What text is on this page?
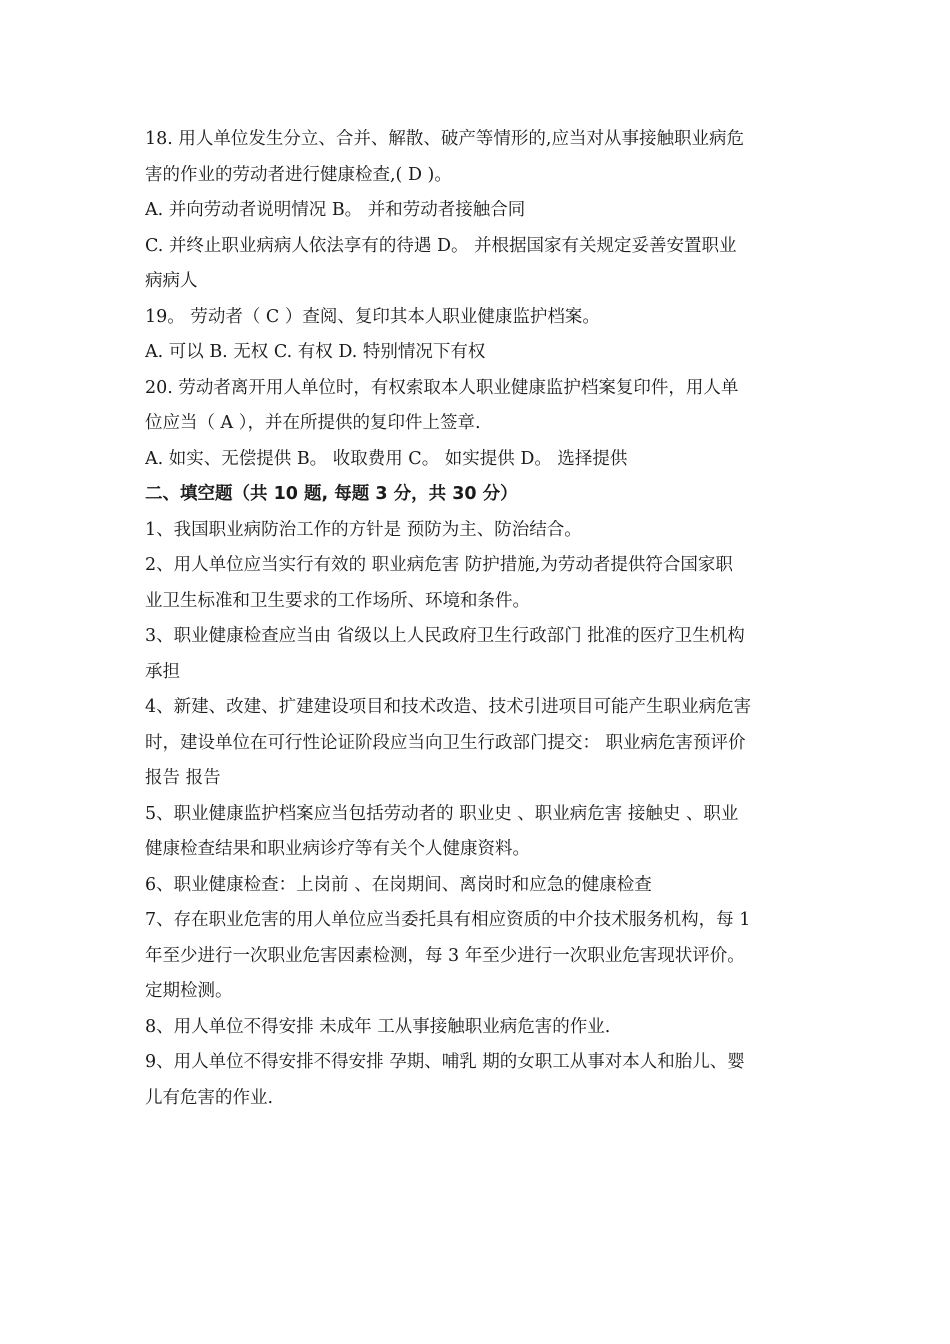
18. 用人单位发生分立、合并、解散、破产等情形的,应当对从事接触职业病危
害的作业的劳动者进行健康检查,( D )。
A. 并向劳动者说明情况 B。 并和劳动者接触合同
C. 并终止职业病病人依法享有的待遇 D。 并根据国家有关规定妥善安置职业
病病人
19。 劳动者（ C ）查阅、复印其本人职业健康监护档案。
A. 可以 B. 无权 C. 有权 D. 特别情况下有权
20. 劳动者离开用人单位时，有权索取本人职业健康监护档案复印件，用人单
位应当（ A ），并在所提供的复印件上签章.
A. 如实、无偿提供 B。 收取费用 C。 如实提供 D。 选择提供
二、填空题（共 10 题, 每题 3 分，共 30 分）
1、我国职业病防治工作的方针是 预防为主、防治结合。
2、用人单位应当实行有效的 职业病危害 防护措施,为劳动者提供符合国家职
业卫生标准和卫生要求的工作场所、环境和条件。
3、职业健康检查应当由 省级以上人民政府卫生行政部门 批准的医疗卫生机构
承担
4、新建、改建、扩建建设项目和技术改造、技术引进项目可能产生职业病危害
时，建设单位在可行性论证阶段应当向卫生行政部门提交： 职业病危害预评价
报告 报告
5、职业健康监护档案应当包括劳动者的 职业史 、职业病危害 接触史 、职业
健康检查结果和职业病诊疗等有关个人健康资料。
6、职业健康检查：上岗前 、在岗期间、离岗时和应急的健康检查
7、存在职业危害的用人单位应当委托具有相应资质的中介技术服务机构，每 1
年至少进行一次职业危害因素检测，每 3 年至少进行一次职业危害现状评价。
定期检测。
8、用人单位不得安排 未成年 工从事接触职业病危害的作业.
9、用人单位不得安排不得安排 孕期、哺乳 期的女职工从事对本人和胎儿、婴
儿有危害的作业.
